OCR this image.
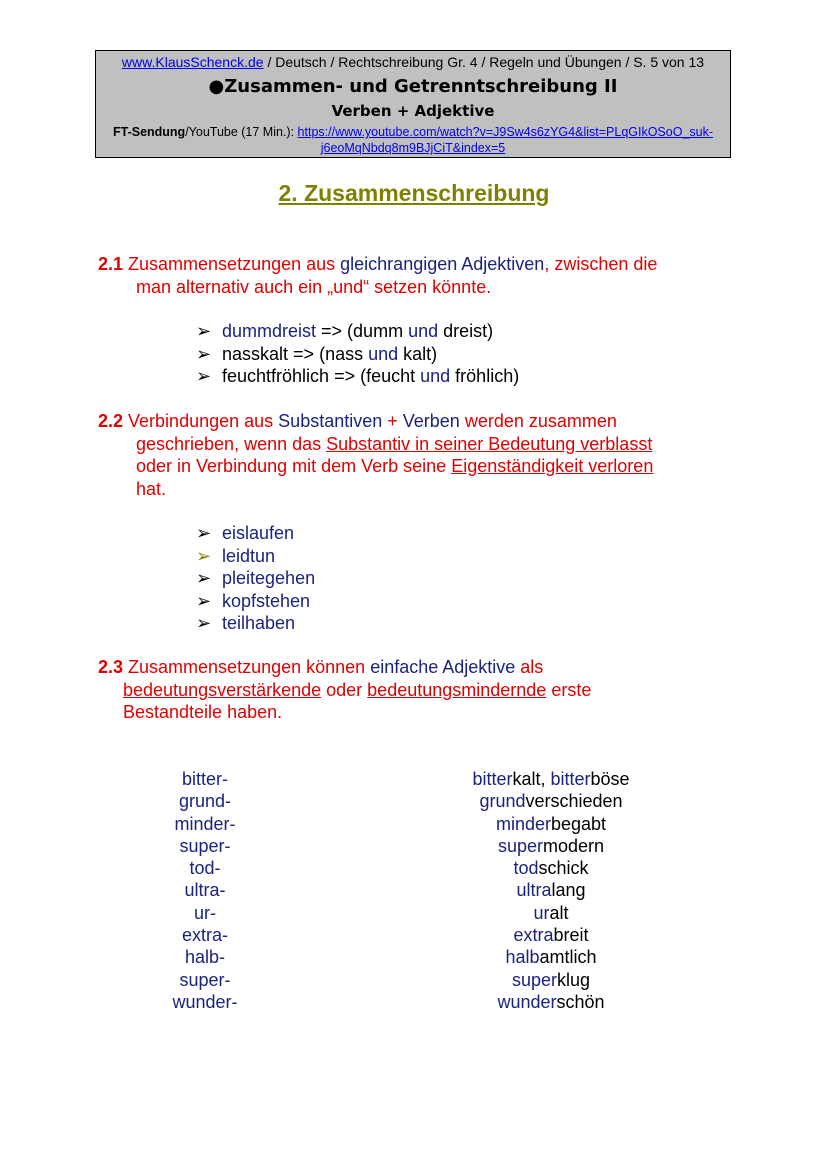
www.KlausSchenck.de / Deutsch / Rechtschreibung Gr. 4 / Regeln und Übungen / S. 5 von 13
●Zusammen- und Getrenntschreibung II
Verben + Adjektive
FT-Sendung/YouTube (17 Min.): https://www.youtube.com/watch?v=J9Sw4s6zYG4&list=PLqGIkOSoO_suk-
j6eoMqNbdq8m9BJjCiT&index=5
2. Zusammenschreibung
2.1 Zusammensetzungen aus gleichrangigen Adjektiven, zwischen die
man alternativ auch ein „und“ setzen könnte.
➢ dummdreist => (dumm und dreist)
➢ nasskalt => (nass und kalt)
➢ feuchtfröhlich => (feucht und fröhlich)
2.2 Verbindungen aus Substantiven + Verben werden zusammen
geschrieben, wenn das Substantiv in seiner Bedeutung verblasst
oder in Verbindung mit dem Verb seine Eigenständigkeit verloren
hat.
➢ eislaufen
➢ leidtun
➢ pleitegehen
➢ kopfstehen
➢ teilhaben
2.3 Zusammensetzungen können einfache Adjektive als
bedeutungsverstärkende oder bedeutungsmindernde erste
Bestandteile haben.
bitter-
grund-
minder-
super-
tod-
ultra-
ur-
extra-
halb-
super-
wunder-
bitterkalt, bitterböse
grundverschieden
minderbegabt
supermodern
todschick
ultralang
uralt
extrabreit
halbamtlich
superklug
wunderschön
